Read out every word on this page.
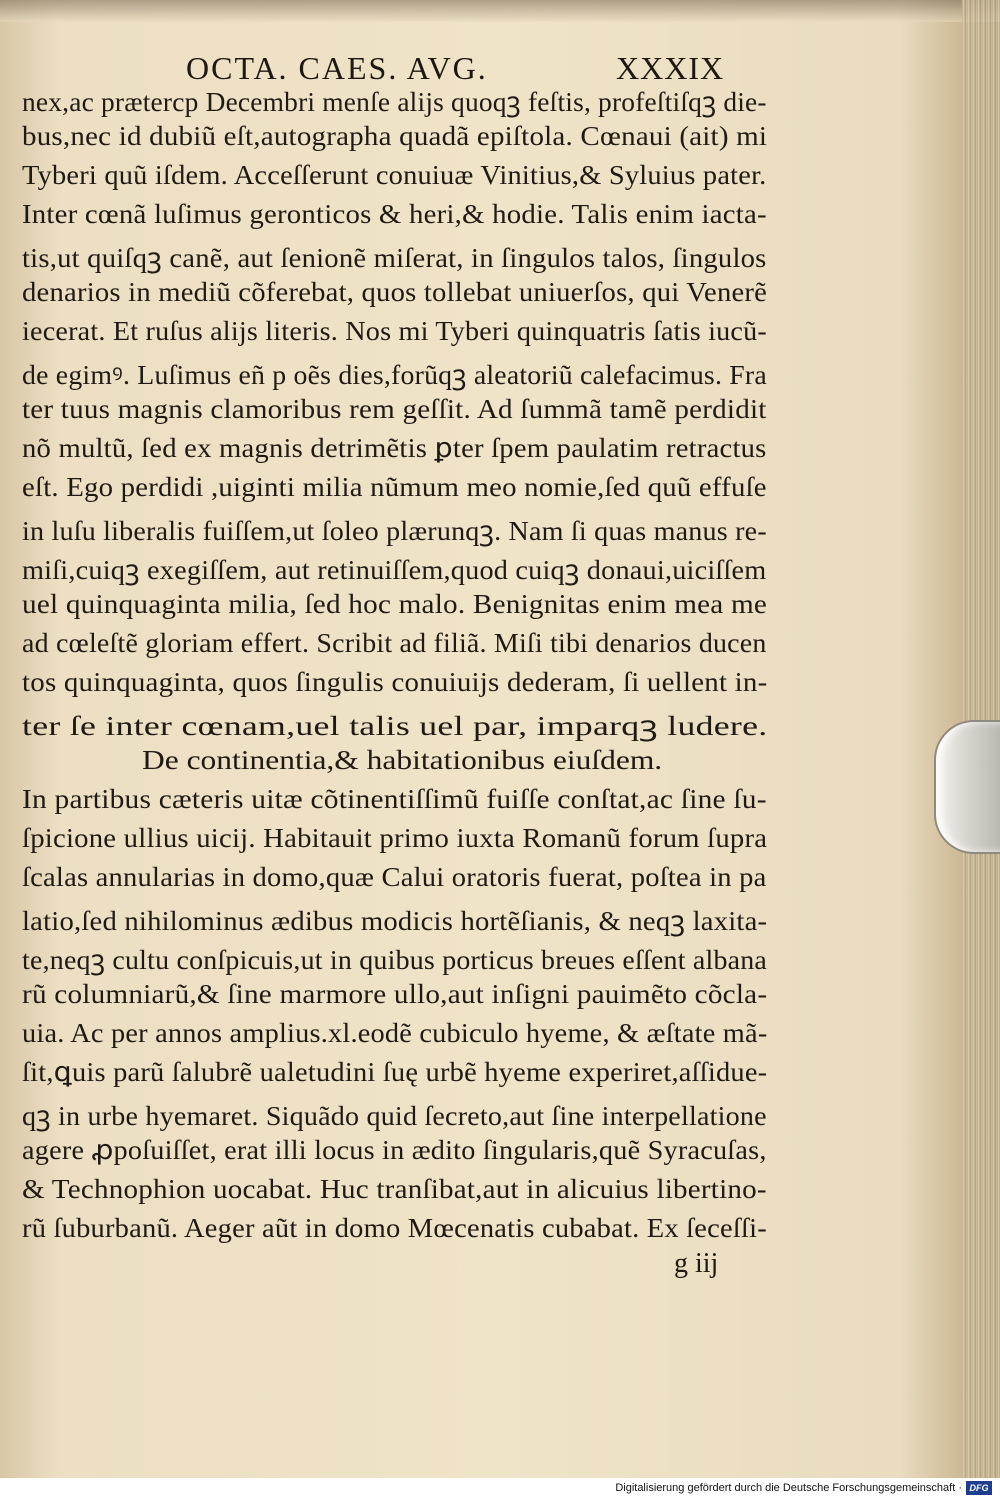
OCTA. CAES. AVG.	XXXIX
nex,ac prætercp Decembri menſe alijs quoqꝫ feſtis, profeſtiſqꝫ die-
bus,nec id dubiũ eſt,autographa quadã epiſtola. Cœnaui (ait) mi
Tyberi quũ iſdem. Acceſſerunt conuiuæ Vinitius,& Syluius pater.
Inter cœnã luſimus geronticos & heri,& hodie. Talis enim iacta-
tis,ut quiſqꝫ canẽ, aut ſenionẽ miſerat, in ſingulos talos, ſingulos
denarios in mediũ cõferebat, quos tollebat uniuerſos, qui Venerẽ
iecerat. Et ruſus alijs literis. Nos mi Tyberi quinquatris ſatis iucũ-
de egimꝰ. Luſimus eñ p oẽs dies,forũqꝫ aleatoriũ calefacimus. Fra
ter tuus magnis clamoribus rem geſſit. Ad ſummã tamẽ perdidit
nõ multũ, ſed ex magnis detrimẽtis ꝑter ſpem paulatim retractus
eſt. Ego perdidi ,uiginti milia nũmum meo nomie,ſed quũ effuſe
in luſu liberalis fuiſſem,ut ſoleo plærunqꝫ. Nam ſi quas manus re-
miſi,cuiqꝫ exegiſſem, aut retinuiſſem,quod cuiqꝫ donaui,uiciſſem
uel quinquaginta milia, ſed hoc malo. Benignitas enim mea me
ad cœleſtẽ gloriam effert. Scribit ad filiã. Miſi tibi denarios ducen
tos quinquaginta, quos ſingulis conuiuijs dederam, ſi uellent in-
ter ſe inter cœnam,uel talis uel par, imparqꝫ ludere.
De continentia,& habitationibus eiuſdem.
In partibus cæteris uitæ cõtinentiſſimũ fuiſſe conſtat,ac ſine ſu-
ſpicione ullius uicij. Habitauit primo iuxta Romanũ forum ſupra
ſcalas annularias in domo,quæ Calui oratoris fuerat, poſtea in pa
latio,ſed nihilominus ædibus modicis hortẽſianis, & neqꝫ laxita-
te,neqꝫ cultu conſpicuis,ut in quibus porticus breues eſſent albana
rũ columniarũ,& ſine marmore ullo,aut inſigni pauimẽto cõcla-
uia. Ac per annos amplius.xl.eodẽ cubiculo hyeme, & æſtate mã-
ſit,ꝗuis parũ ſalubrẽ ualetudini ſuę urbẽ hyeme experiret,aſſidue-
qꝫ in urbe hyemaret. Siquãdo quid ſecreto,aut ſine interpellatione
agere ꝓpoſuiſſet, erat illi locus in ædito ſingularis,quẽ Syracuſas,
& Technophion uocabat. Huc tranſibat,aut in alicuius libertino-
rũ ſuburbanũ. Aeger aũt in domo Mœcenatis cubabat. Ex ſeceſſi-
g iij
Digitalisierung gefördert durch die Deutsche Forschungsgemeinschaft · DFG
